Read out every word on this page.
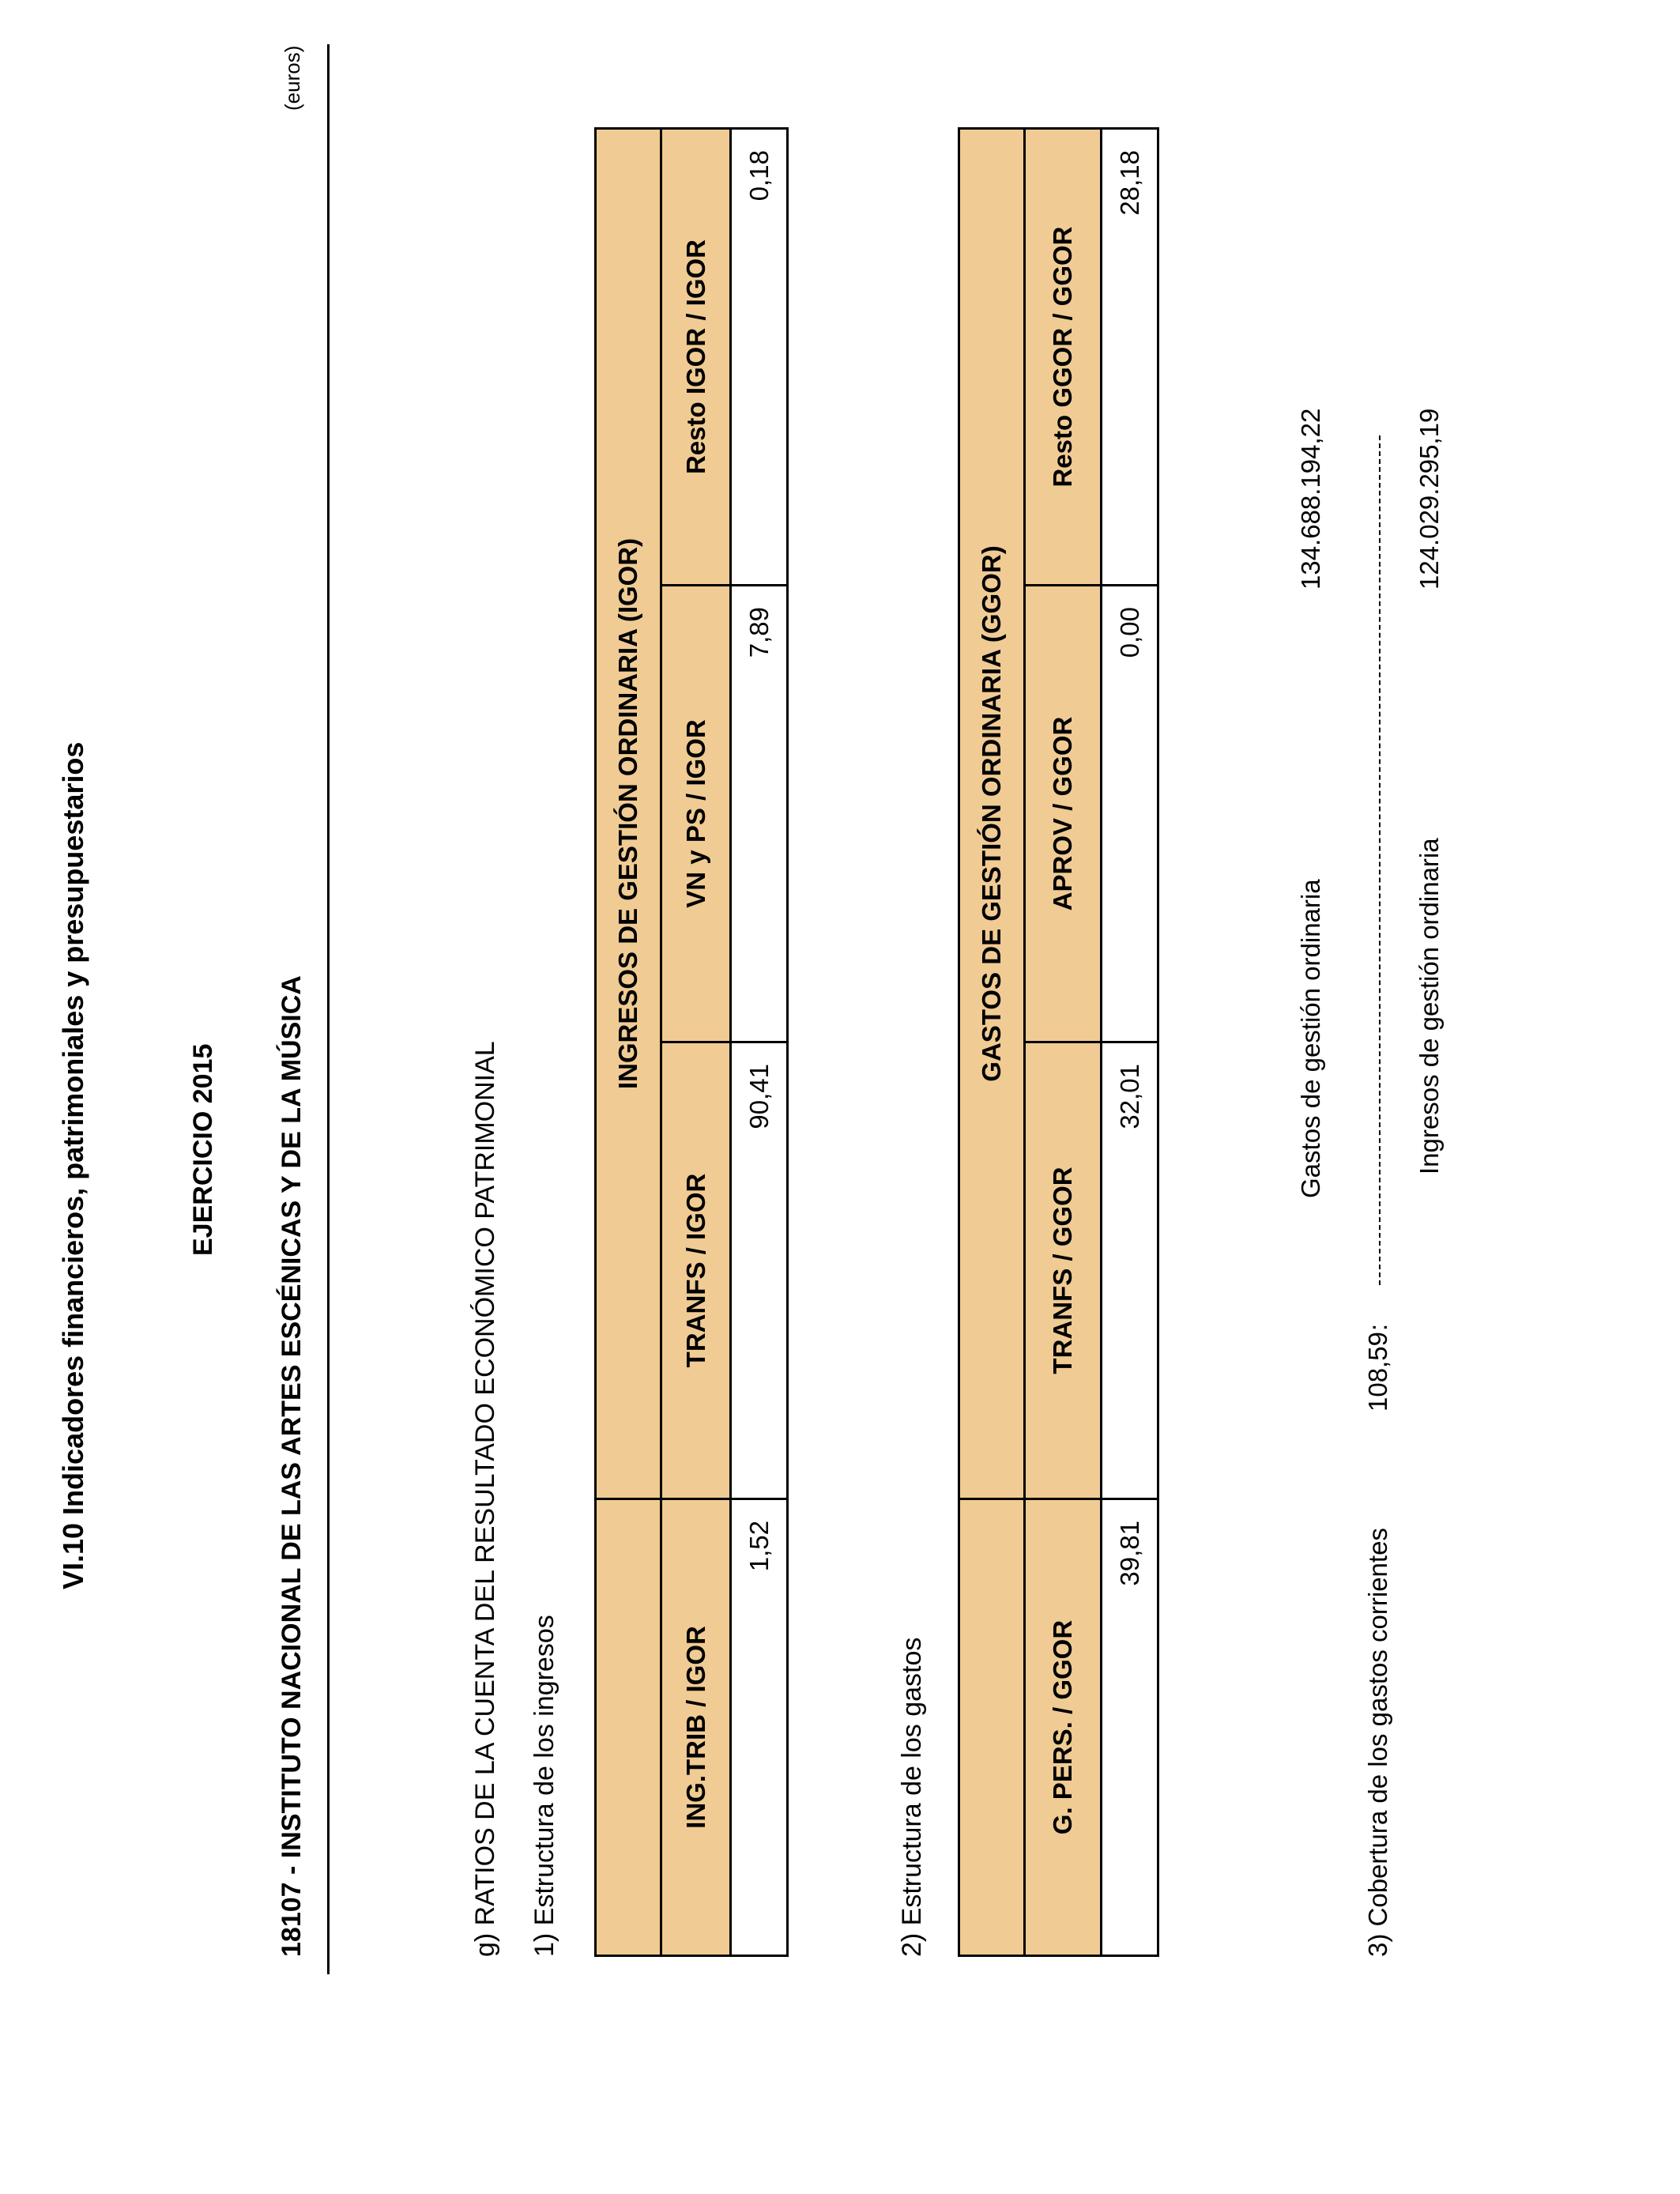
VI.10 Indicadores financieros, patrimoniales y presupuestarios	EJERCICIO 2015 18107 - INSTITUTO NACIONAL DE LAS ARTES ESCÉNICAS Y DE LA MÚSICA
(euros)
g) RATIOS DE LA CUENTA DEL RESULTADO ECONÓMICO PATRIMONIAL 1) Estructura de los ingresos
	INGRESOS DE GESTIÓN ORDINARIA (IGOR)		
ING.TRIB / IGOR	TRANFS / IGOR	VN y PS / IGOR	Resto IGOR / IGOR
1,52	90,41	7,89	0,18
2) Estructura de los gastos
	GASTOS DE GESTIÓN ORDINARIA (GGOR)		
G. PERS. / GGOR	TRANFS / GGOR	APROV / GGOR	Resto GGOR / GGOR
39,81	32,01	0,00	28,18
Gastos de gestión ordinaria
134.688.194,22
3) Cobertura de los gastos corrientes
108,59
:
Ingresos de gestión ordinaria
124.029.295,19
